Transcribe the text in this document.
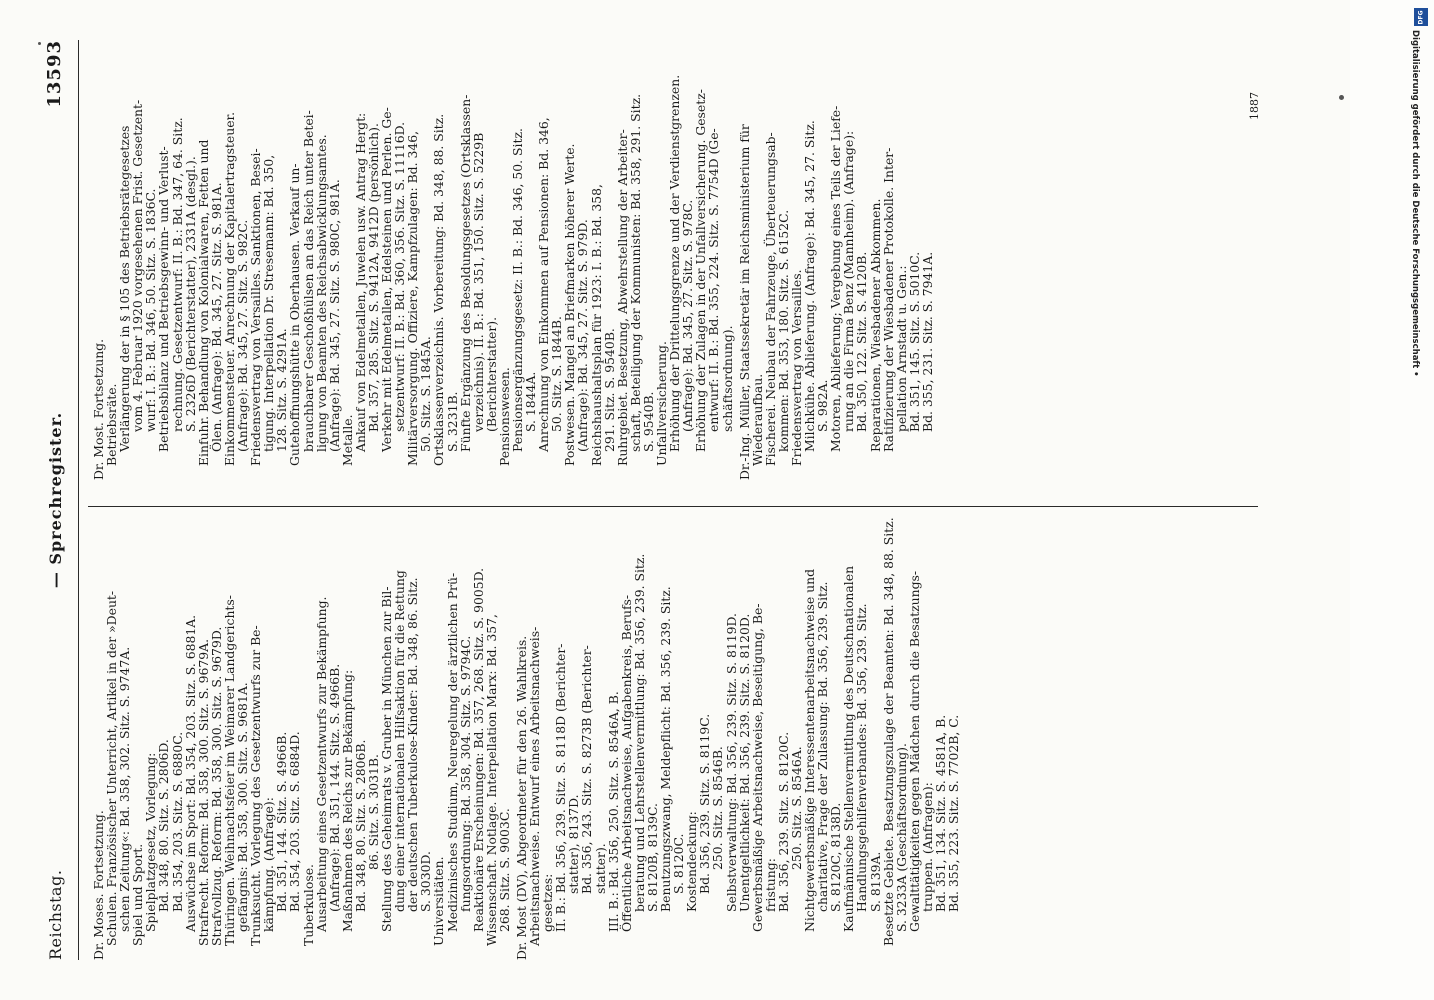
Reichstag.
— Sprechregister.
13593
Dr. Moses. Fortsetzung.
Schulen. Französischer Unterricht, Artikel in der »Deut-
schen Zeitung«: Bd. 358, 302. Sitz. S. 9747A.
Spiel und Sport.
Spielplatzgesetz, Vorlegung:
Bd. 348, 80. Sitz. S. 2806D.
Bd. 354, 203. Sitz. S. 6880C.
Auswüchse im Sport: Bd. 354, 203. Sitz. S. 6881A.
Strafrecht. Reform: Bd. 358, 300. Sitz. S. 9679A.
Strafvollzug. Reform: Bd. 358, 300. Sitz. S. 9679D.
Thüringen. Weihnachtsfeier im Weimarer Landgerichts-
gefängnis: Bd. 358, 300. Sitz. S. 9681A.
Trunksucht. Vorlegung des Gesetzentwurfs zur Be-
kämpfung. (Anfrage):
Bd. 351, 144. Sitz. S. 4966B.
Bd. 354, 203. Sitz. S. 6884D.
Tuberkulose.
Ausarbeitung eines Gesetzentwurfs zur Bekämpfung.
(Anfrage): Bd. 351, 144. Sitz. S. 4966B.
Maßnahmen des Reichs zur Bekämpfung:
Bd. 348, 80. Sitz. S. 2806B.
86. Sitz. S. 3031B.
Stellung des Geheimrats v. Gruber in München zur Bil-
dung einer internationalen Hilfsaktion für die Rettung
der deutschen Tuberkulose-Kinder: Bd. 348, 86. Sitz.
S. 3030D.
Universitäten.
Medizinisches Studium, Neuregelung der ärztlichen Prü-
fungsordnung: Bd. 358, 304. Sitz. S. 9794C.
Reaktionäre Erscheinungen: Bd. 357, 268. Sitz. S. 9005D.
Wissenschaft. Notlage. Interpellation Marx: Bd. 357,
268. Sitz. S. 9003C. Dr. Most (DV), Abgeordneter für den 26. Wahlkreis.
Arbeitsnachweise. Entwurf eines Arbeitsnachweis-
gesetzes:
II. B.: Bd. 356, 239. Sitz. S. 8118D (Berichter-
statter), 8137D.
Bd. 356, 243. Sitz. S. 8273B (Berichter-
statter).
III. B.: Bd. 356, 250. Sitz. S. 8546A, B.
Öffentliche Arbeitsnachweise, Aufgabenkreis, Berufs-
beratung und Lehrstellenvermittlung: Bd. 356, 239. Sitz.
S. 8120B, 8139C.
Benutzungszwang, Meldepflicht: Bd. 356, 239. Sitz.
S. 8120C.
Kostendeckung:
Bd. 356, 239. Sitz. S. 8119C.
250. Sitz. S. 8546B.
Selbstverwaltung: Bd. 356, 239. Sitz. S. 8119D.
Unentgeltlichkeit: Bd. 356, 239. Sitz. S. 8120D.
Gewerbsmäßige Arbeitsnachweise, Beseitigung, Be-
fristung:
Bd. 356, 239. Sitz. S. 8120C.
250. Sitz. S. 8546A.
Nichtgewerbsmäßige Interessentenarbeitsnachweise und
charitative, Frage der Zulassung: Bd. 356, 239. Sitz.
S. 8120C, 8138D.
Kaufmännische Stellenvermittlung des Deutschnationalen
Handlungsgehilfenverbandes: Bd. 356, 239. Sitz.
S. 8139A.
Besetzte Gebiete. Besatzungszulage der Beamten: Bd. 348, 88. Sitz.
S. 3233A (Geschäftsordnung).
Gewalttätigkeiten gegen Mädchen durch die Besatzungs-
truppen. (Anfragen):
Bd. 351, 134. Sitz. S. 4581A, B.
Bd. 355, 223. Sitz. S. 7702B, C.
Dr. Most. Fortsetzung.
Betriebsräte.
Verlängerung der in § 105 des Betriebsrätegesetzes
vom 4. Februar 1920 vorgesehenen Frist. Gesetzent-
wurf: I. B.: Bd. 346, 50. Sitz. S. 1836C.
Betriebsbilanz und Betriebsgewinn- und Verlust-
rechnung. Gesetzentwurf: II. B.: Bd. 347, 64. Sitz.
S. 2326D (Berichterstatter), 2331A (desgl.).
Einfuhr. Behandlung von Kolonialwaren, Fetten und
Ölen. (Anfrage): Bd. 345, 27. Sitz. S. 981A.
Einkommensteuer. Anrechnung der Kapitalertragsteuer.
(Anfrage): Bd. 345, 27. Sitz. S. 982C.
Friedensvertrag von Versailles. Sanktionen, Besei-
tigung. Interpellation Dr. Stresemann: Bd. 350,
128. Sitz. S. 4291A.
Gutehoffnungshütte in Oberhausen. Verkauf un-
brauchbarer Geschoßhülsen an das Reich unter Betei-
ligung von Beamten des Reichsabwicklungsamtes.
(Anfrage): Bd. 345, 27. Sitz. S. 980C, 981A.
Metalle.
Ankauf von Edelmetallen, Juwelen usw. Antrag Hergt:
Bd. 357, 285. Sitz. S. 9412A, 9412D (persönlich).
Verkehr mit Edelmetallen, Edelsteinen und Perlen. Ge-
setzentwurf: II. B.: Bd. 360, 356. Sitz. S. 11116D.
Militärversorgung. Offiziere, Kampfzulagen: Bd. 346,
50. Sitz. S. 1845A.
Ortsklassenverzeichnis. Vorbereitung: Bd. 348, 88. Sitz.
S. 3231B.
Fünfte Ergänzung des Besoldungsgesetzes (Ortsklassen-
verzeichnis). II. B.: Bd. 351, 150. Sitz. S. 5229B
(Berichterstatter).
Pensionswesen.
Pensionsergänzungsgesetz: II. B.: Bd. 346, 50. Sitz.
S. 1844A.
Anrechnung von Einkommen auf Pensionen: Bd. 346,
50. Sitz. S. 1844B.
Postwesen. Mangel an Briefmarken höherer Werte.
(Anfrage): Bd. 345, 27. Sitz. S. 979D.
Reichshaushaltsplan für 1923: I. B.: Bd. 358,
291. Sitz. S. 9540B.
Ruhrgebiet. Besetzung, Abwehrstellung der Arbeiter-
schaft, Beteiligung der Kommunisten: Bd. 358, 291. Sitz.
S. 9540B.
Unfallversicherung.
Erhöhung der Drittelungsgrenze und der Verdienstgrenzen.
(Anfrage): Bd. 345, 27. Sitz. S. 978C.
Erhöhung der Zulagen in der Unfallversicherung. Gesetz-
entwurf: II. B.: Bd. 355, 224. Sitz. S. 7754D (Ge-
schäftsordnung). Dr.-Ing. Müller, Staatssekretär im Reichsministerium für
Wiederaufbau.
Fischerei. Neubau der Fahrzeuge, Überteuerungsab-
kommen: Bd. 353, 180. Sitz. S. 6152C.
Friedensvertrag von Versailles.
Milchkühe. Ablieferung. (Anfrage): Bd. 345, 27. Sitz.
S. 982A.
Motoren, Ablieferung; Vergebung eines Teils der Liefe-
rung an die Firma Benz (Mannheim). (Anfrage):
Bd. 350, 122. Sitz. S. 4120B.
Reparationen, Wiesbadener Abkommen.
Ratifizierung der Wiesbadener Protokolle. Inter-
pellation Arnstadt u. Gen.:
Bd. 351, 145. Sitz. S. 5010C.
Bd. 355, 231. Sitz. S. 7941A.
1887
DFG
Digitalisierung gefördert durch die Deutsche Forschungsgemeinschaft •
